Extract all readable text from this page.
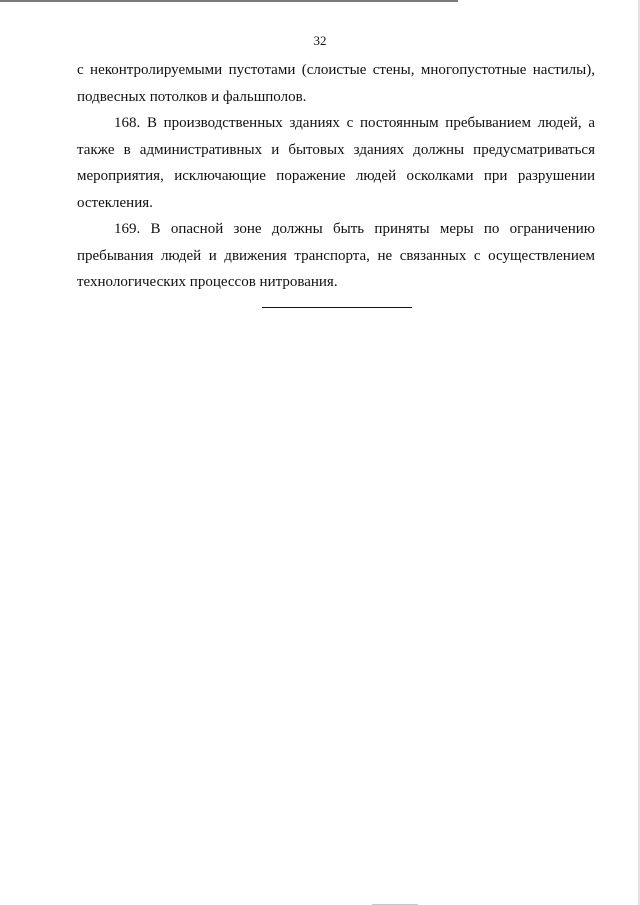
32

с неконтролируемыми пустотами (слоистые стены, многопустотные настилы), подвесных потолков и фальшполов.

168. В производственных зданиях с постоянным пребыванием людей, а также в административных и бытовых зданиях должны предусматриваться мероприятия, исключающие поражение людей осколками при разрушении остекления.

169. В опасной зоне должны быть приняты меры по ограничению пребывания людей и движения транспорта, не связанных с осуществлением технологических процессов нитрования.
